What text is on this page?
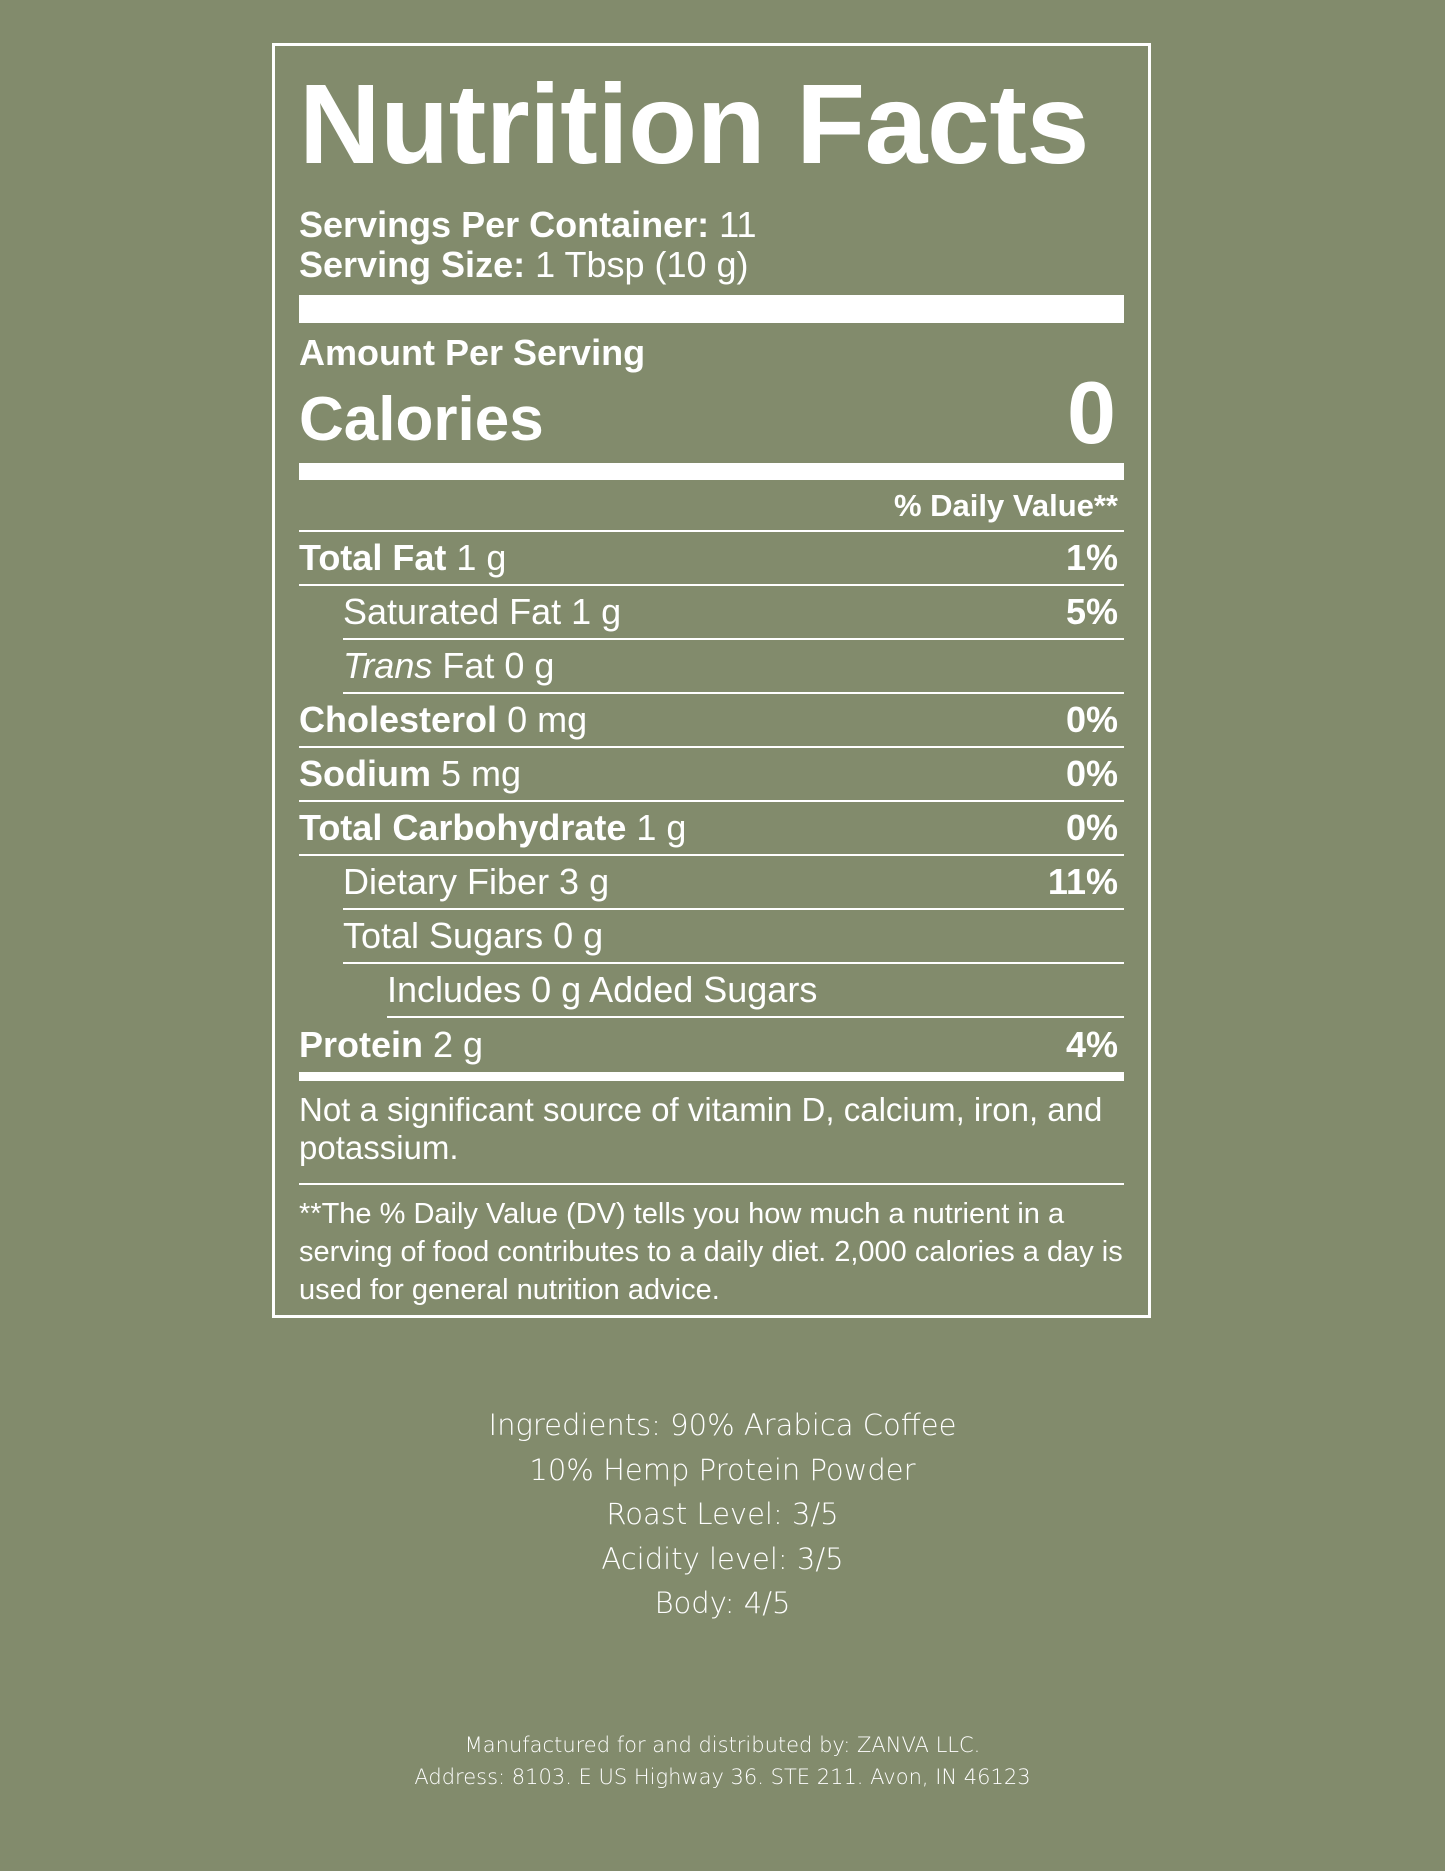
Nutrition Facts
Servings Per Container: 11
Serving Size: 1 Tbsp (10 g)
Amount Per Serving
Calories	0
% Daily Value**
Total Fat 1 g	1%
Saturated Fat 1 g	5%
Trans Fat 0 g
Cholesterol 0 mg	0%
Sodium 5 mg	0%
Total Carbohydrate 1 g	0%
Dietary Fiber 3 g	11%
Total Sugars 0 g
Includes 0 g Added Sugars
Protein 2 g	4%
Not a significant source of vitamin D, calcium, iron, and potassium.
**The % Daily Value (DV) tells you how much a nutrient in a serving of food contributes to a daily diet. 2,000 calories a day is used for general nutrition advice.
Ingredients: 90% Arabica Coffee
10% Hemp Protein Powder
Roast Level: 3/5
Acidity level: 3/5
Body: 4/5
Manufactured for and distributed by: ZANVA LLC.
Address: 8103. E US Highway 36. STE 211. Avon, IN 46123
